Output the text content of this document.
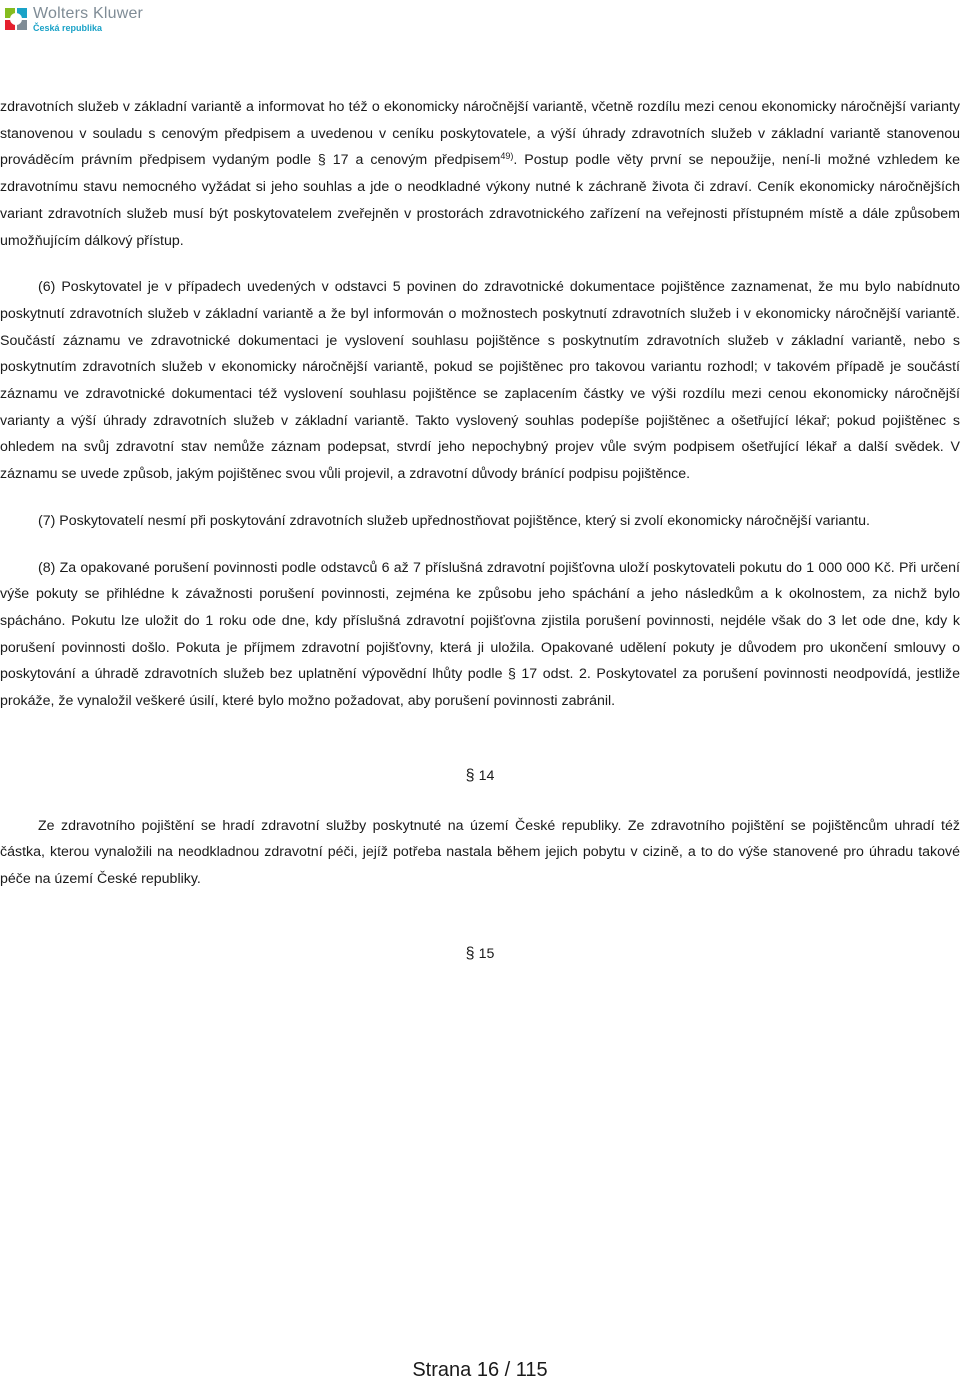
Wolters Kluwer
Česká republika

zdravotních služeb v základní variantě a informovat ho též o ekonomicky náročnější variantě, včetně rozdílu mezi cenou ekonomicky náročnější varianty stanovenou v souladu s cenovým předpisem a uvedenou v ceníku poskytovatele, a výší úhrady zdravotních služeb v základní variantě stanovenou prováděcím právním předpisem vydaným podle § 17 a cenovým předpisem$^{49)}$. Postup podle věty první se nepoužije, není-li možné vzhledem ke zdravotnímu stavu nemocného vyžádat si jeho souhlas a jde o neodkladné výkony nutné k záchraně života či zdraví. Ceník ekonomicky náročnějších variant zdravotních služeb musí být poskytovatelem zveřejněn v prostorách zdravotnického zařízení na veřejnosti přístupném místě a dále způsobem umožňujícím dálkový přístup.

(6) Poskytovatel je v případech uvedených v odstavci 5 povinen do zdravotnické dokumentace pojištěnce zaznamenat, že mu bylo nabídnuto poskytnutí zdravotních služeb v základní variantě a že byl informován o možnostech poskytnutí zdravotních služeb i v ekonomicky náročnější variantě. Součástí záznamu ve zdravotnické dokumentaci je vyslovení souhlasu pojištěnce s poskytnutím zdravotních služeb v základní variantě, nebo s poskytnutím zdravotních služeb v ekonomicky náročnější variantě, pokud se pojištěnec pro takovou variantu rozhodl; v takovém případě je součástí záznamu ve zdravotnické dokumentaci též vyslovení souhlasu pojištěnce se zaplacením částky ve výši rozdílu mezi cenou ekonomicky náročnější varianty a výší úhrady zdravotních služeb v základní variantě. Takto vyslovený souhlas podepíše pojištěnec a ošetřující lékař; pokud pojištěnec s ohledem na svůj zdravotní stav nemůže záznam podepsat, stvrdí jeho nepochybný projev vůle svým podpisem ošetřující lékař a další svědek. V záznamu se uvede způsob, jakým pojištěnec svou vůli projevil, a zdravotní důvody bránící podpisu pojištěnce.

(7) Poskytovatelí nesmí při poskytování zdravotních služeb upřednostňovat pojištěnce, který si zvolí ekonomicky náročnější variantu.

(8) Za opakované porušení povinnosti podle odstavců 6 až 7 příslušná zdravotní pojišťovna uloží poskytovateli pokutu do 1 000 000 Kč. Při určení výše pokuty se přihlédne k závažnosti porušení povinnosti, zejména ke způsobu jeho spáchání a jeho následkům a k okolnostem, za nichž bylo spácháno. Pokutu lze uložit do 1 roku ode dne, kdy příslušná zdravotní pojišťovna zjistila porušení povinnosti, nejdéle však do 3 let ode dne, kdy k porušení povinnosti došlo. Pokuta je příjmem zdravotní pojišťovny, která ji uložila. Opakované udělení pokuty je důvodem pro ukončení smlouvy o poskytování a úhradě zdravotních služeb bez uplatnění výpovědní lhůty podle § 17 odst. 2. Poskytovatel za porušení povinnosti neodpovídá, jestliže prokáže, že vynaložil veškeré úsilí, které bylo možno požadovat, aby porušení povinnosti zabránil.

§ 14

Ze zdravotního pojištění se hradí zdravotní služby poskytnuté na území České republiky. Ze zdravotního pojištění se pojištěncům uhradí též částka, kterou vynaložili na neodkladnou zdravotní péči, jejíž potřeba nastala během jejich pobytu v cizině, a to do výše stanovené pro úhradu takové péče na území České republiky.

§ 15

Strana 16 / 115
